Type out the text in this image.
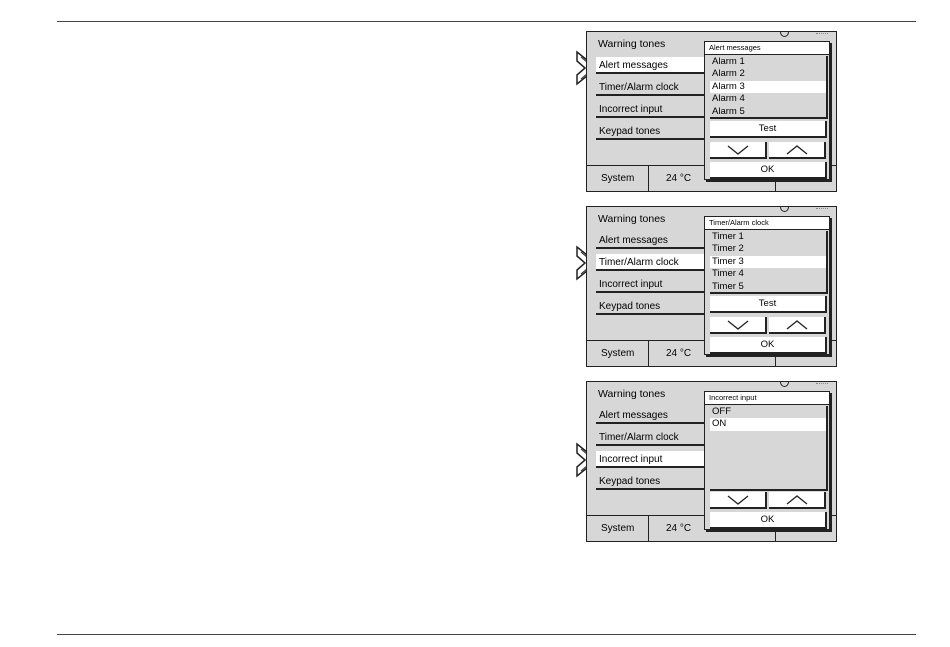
Warning tones
Alert messages
Timer/Alarm clock
Incorrect input
Keypad tones
System	24 °C
Alert messages
Alarm 1
Alarm 2
Alarm 3
Alarm 4
Alarm 5
Test
OK
Warning tones
Alert messages
Timer/Alarm clock
Incorrect input
Keypad tones
System	24 °C
Timer/Alarm clock
Timer 1
Timer 2
Timer 3
Timer 4
Timer 5
Test
OK
Warning tones
Alert messages
Timer/Alarm clock
Incorrect input
Keypad tones
System	24 °C
Incorrect input
OFF
ON
OK
